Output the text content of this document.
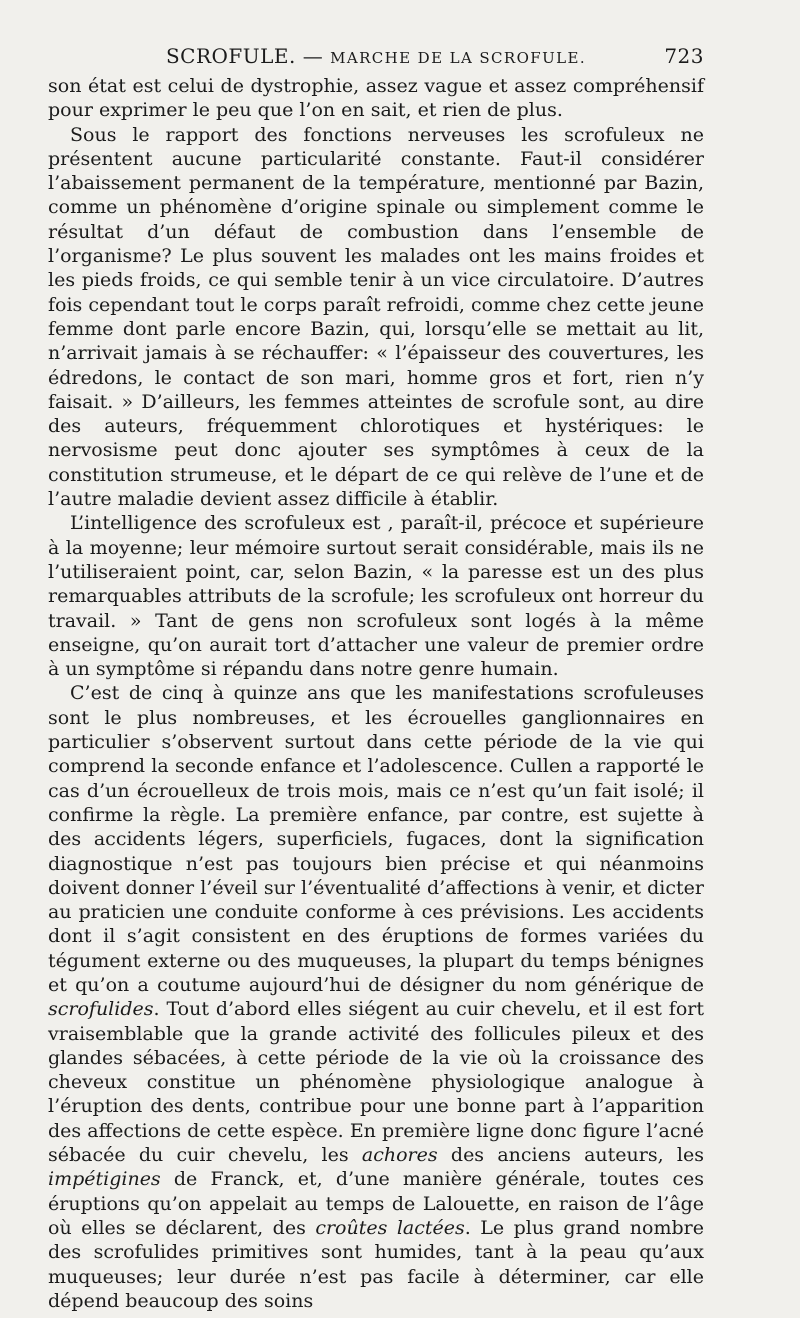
SCROFULE. — MARCHE DE LA SCROFULE.	723

son état est celui de dystrophie, assez vague et assez compréhensif pour exprimer le peu que l’on en sait, et rien de plus.

Sous le rapport des fonctions nerveuses les scrofuleux ne présentent aucune particularité constante. Faut-il considérer l’abaissement permanent de la température, mentionné par Bazin, comme un phénomène d’origine spinale ou simplement comme le résultat d’un défaut de combustion dans l’ensemble de l’organisme? Le plus souvent les malades ont les mains froides et les pieds froids, ce qui semble tenir à un vice circulatoire. D’autres fois cependant tout le corps paraît refroidi, comme chez cette jeune femme dont parle encore Bazin, qui, lorsqu’elle se mettait au lit, n’arrivait jamais à se réchauffer: « l’épaisseur des couvertures, les édredons, le contact de son mari, homme gros et fort, rien n’y faisait. » D’ailleurs, les femmes atteintes de scrofule sont, au dire des auteurs, fréquemment chlorotiques et hystériques: le nervosisme peut donc ajouter ses symptômes à ceux de la constitution strumeuse, et le départ de ce qui relève de l’une et de l’autre maladie devient assez difficile à établir.

L’intelligence des scrofuleux est , paraît-il, précoce et supérieure à la moyenne; leur mémoire surtout serait considérable, mais ils ne l’utiliseraient point, car, selon Bazin, « la paresse est un des plus remarquables attributs de la scrofule; les scrofuleux ont horreur du travail. » Tant de gens non scrofuleux sont logés à la même enseigne, qu’on aurait tort d’attacher une valeur de premier ordre à un symptôme si répandu dans notre genre humain.

C’est de cinq à quinze ans que les manifestations scrofuleuses sont le plus nombreuses, et les écrouelles ganglionnaires en particulier s’observent surtout dans cette période de la vie qui comprend la seconde enfance et l’adolescence. Cullen a rapporté le cas d’un écrouelleux de trois mois, mais ce n’est qu’un fait isolé; il confirme la règle. La première enfance, par contre, est sujette à des accidents légers, superficiels, fugaces, dont la signification diagnostique n’est pas toujours bien précise et qui néanmoins doivent donner l’éveil sur l’éventualité d’affections à venir, et dicter au praticien une conduite conforme à ces prévisions. Les accidents dont il s’agit consistent en des éruptions de formes variées du tégument externe ou des muqueuses, la plupart du temps bénignes et qu’on a coutume aujourd’hui de désigner du nom générique de scrofulides. Tout d’abord elles siégent au cuir chevelu, et il est fort vraisemblable que la grande activité des follicules pileux et des glandes sébacées, à cette période de la vie où la croissance des cheveux constitue un phénomène physiologique analogue à l’éruption des dents, contribue pour une bonne part à l’apparition des affections de cette espèce. En première ligne donc figure l’acné sébacée du cuir chevelu, les achores des anciens auteurs, les impétigines de Franck, et, d’une manière générale, toutes ces éruptions qu’on appelait au temps de Lalouette, en raison de l’âge où elles se déclarent, des croûtes lactées. Le plus grand nombre des scrofulides primitives sont humides, tant à la peau qu’aux muqueuses; leur durée n’est pas facile à déterminer, car elle dépend beaucoup des soins
